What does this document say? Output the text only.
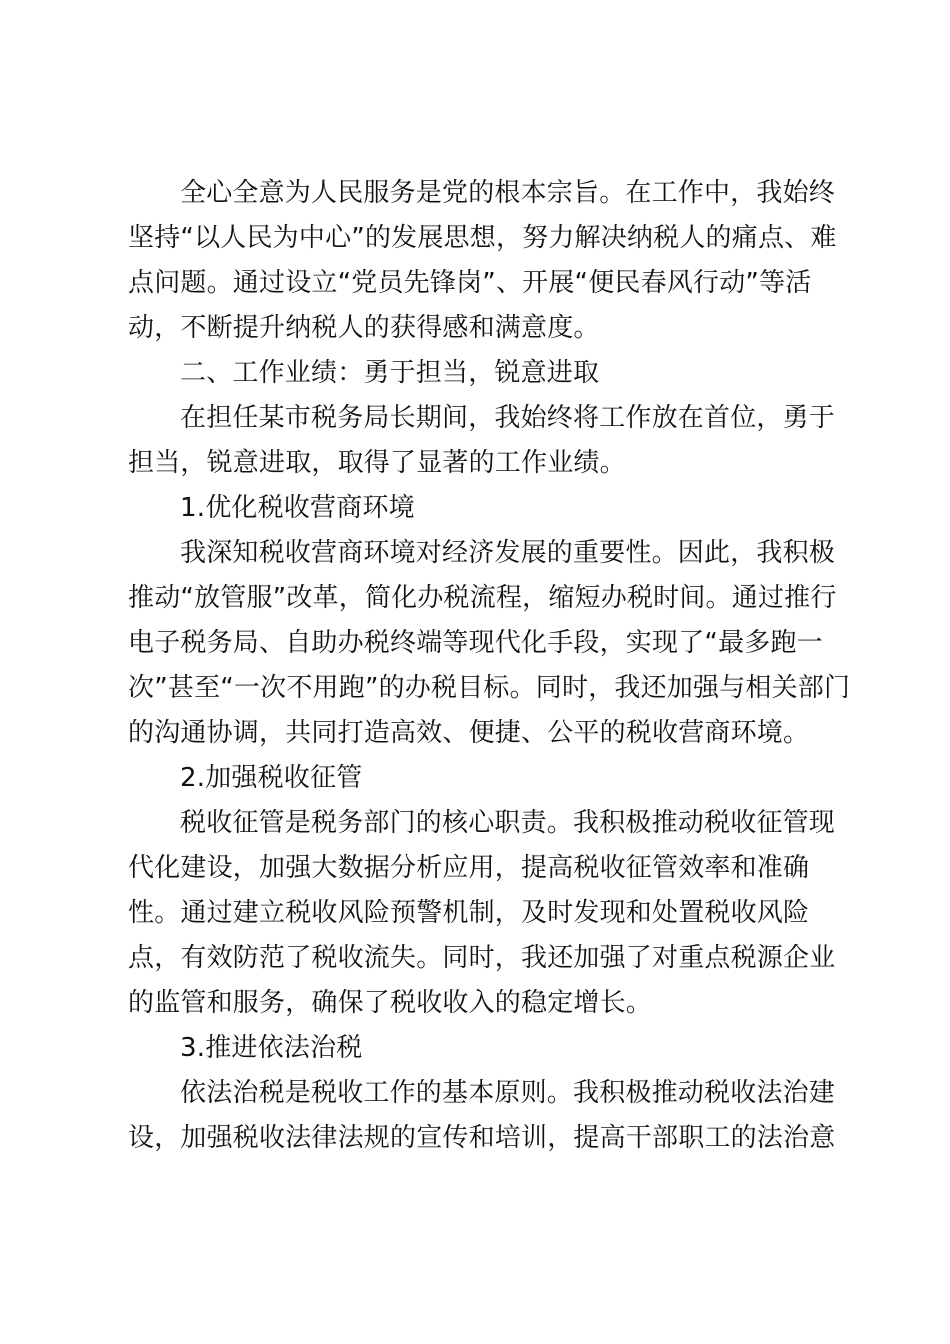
全心全意为人民服务是党的根本宗旨。在工作中，我始终
坚持“以人民为中心”的发展思想，努力解决纳税人的痛点、难
点问题。通过设立“党员先锋岗”、开展“便民春风行动”等活
动，不断提升纳税人的获得感和满意度。
二、工作业绩：勇于担当，锐意进取
在担任某市税务局长期间，我始终将工作放在首位，勇于
担当，锐意进取，取得了显著的工作业绩。
1.优化税收营商环境
我深知税收营商环境对经济发展的重要性。因此，我积极
推动“放管服”改革，简化办税流程，缩短办税时间。通过推行
电子税务局、自助办税终端等现代化手段，实现了“最多跑一
次”甚至“一次不用跑”的办税目标。同时，我还加强与相关部门
的沟通协调，共同打造高效、便捷、公平的税收营商环境。
2.加强税收征管
税收征管是税务部门的核心职责。我积极推动税收征管现
代化建设，加强大数据分析应用，提高税收征管效率和准确
性。通过建立税收风险预警机制，及时发现和处置税收风险
点，有效防范了税收流失。同时，我还加强了对重点税源企业
的监管和服务，确保了税收收入的稳定增长。
3.推进依法治税
依法治税是税收工作的基本原则。我积极推动税收法治建
设，加强税收法律法规的宣传和培训，提高干部职工的法治意
